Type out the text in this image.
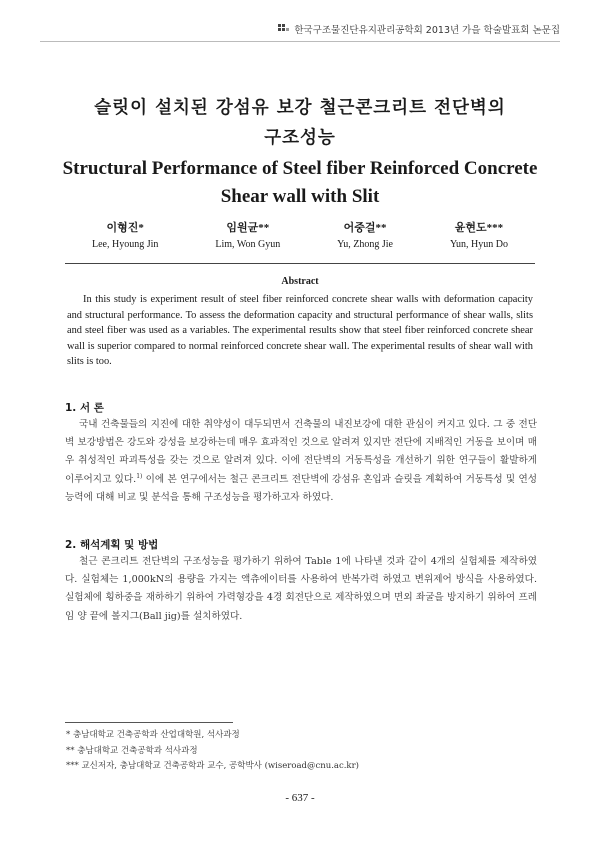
한국구조물진단유지관리공학회 2013년 가을 학술발표회 논문집
슬릿이 설치된 강섬유 보강 철근콘크리트 전단벽의
구조성능
Structural Performance of Steel fiber Reinforced Concrete
Shear wall with Slit
이형진*
Lee, Hyoung Jin
임원균**
Lim, Won Gyun
어중걸**
Yu, Zhong Jie
윤현도***
Yun, Hyun Do
Abstract

In this study is experiment result of steel fiber reinforced concrete shear walls with deformation capacity and structural performance. To assess the deformation capacity and structural performance of shear walls, slits and steel fiber was used as a variables. The experimental results show that steel fiber reinforced concrete shear wall is superior compared to normal reinforced concrete shear wall. The experimental results of shear wall with slits is too.

1. 서 론

국내 건축물들의 지진에 대한 취약성이 대두되면서 건축물의 내진보강에 대한 관심이 커지고 있다. 그 중 전단벽 보강방법은 강도와 강성을 보강하는데 매우 효과적인 것으로 알려져 있지만 전단에 지배적인 거동을 보이며 매우 취성적인 파괴특성을 갖는 것으로 알려져 있다. 이에 전단벽의 거동특성을 개선하기 위한 연구들이 활발하게 이루어지고 있다.$^{1)}$ 이에 본 연구에서는 철근 콘크리트 전단벽에 강섬유 혼입과 슬릿을 계획하여 거동특성 및 연성능력에 대해 비교 및 분석을 통해 구조성능을 평가하고자 하였다.

2. 해석계획 및 방법

철근 콘크리트 전단벽의 구조성능을 평가하기 위하여 Table 1에 나타낸 것과 같이 4개의 실험체를 제작하였다. 실험체는 1,000kN의 용량을 가지는 액츄에이터를 사용하여 반복가력 하였고 변위제어 방식을 사용하였다. 실험체에 횡하중을 재하하기 위하여 가력형강을 4경 회전단으로 제작하였으며 면외 좌굴을 방지하기 위하여 프레임 양 끝에 볼지그(Ball jig)를 설치하였다.

* 충남대학교 건축공학과 산업대학원, 석사과정
** 충남대학교 건축공학과 석사과정
*** 교신저자, 충남대학교 건축공학과 교수, 공학박사 (wiseroad@cnu.ac.kr)
- 637 -
